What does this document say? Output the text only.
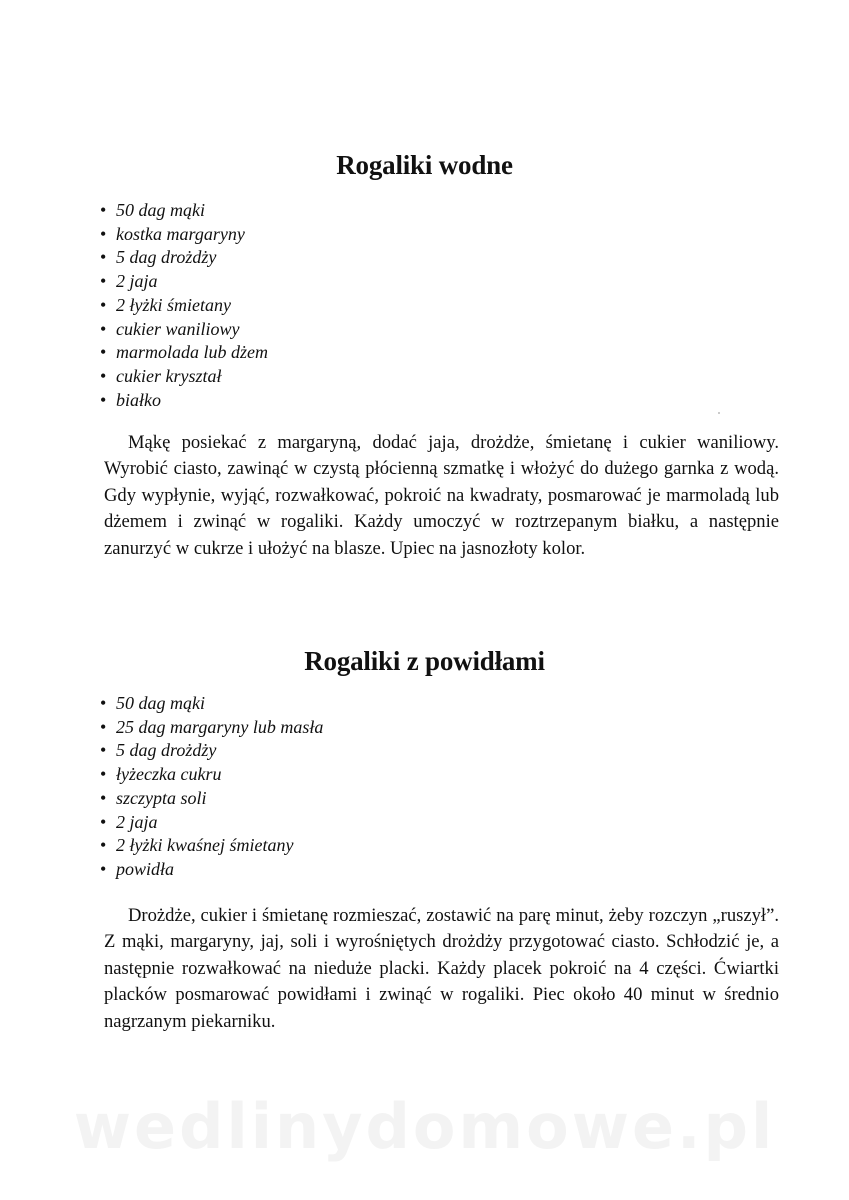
Rogaliki wodne
• 50 dag mąki
• kostka margaryny
• 5 dag drożdży
• 2 jaja
• 2 łyżki śmietany
• cukier waniliowy
• marmolada lub dżem
• cukier kryształ
• białko

Mąkę posiekać z margaryną, dodać jaja, drożdże, śmietanę i cukier waniliowy. Wyrobić ciasto, zawinąć w czystą płócienną szmatkę i włożyć do dużego garnka z wodą. Gdy wypłynie, wyjąć, rozwałkować, pokroić na kwadraty, posmarować je marmoladą lub dżemem i zwinąć w rogaliki. Każdy umoczyć w roztrzepanym białku, a następnie zanurzyć w cukrze i ułożyć na blasze. Upiec na jasnozłoty kolor.

Rogaliki z powidłami
• 50 dag mąki
• 25 dag margaryny lub masła
• 5 dag drożdży
• łyżeczka cukru
• szczypta soli
• 2 jaja
• 2 łyżki kwaśnej śmietany
• powidła

Drożdże, cukier i śmietanę rozmieszać, zostawić na parę minut, żeby rozczyn „ruszył”. Z mąki, margaryny, jaj, soli i wyrośniętych drożdży przygotować ciasto. Schłodzić je, a następnie rozwałkować na nieduże placki. Każdy placek pokroić na 4 części. Ćwiartki placków posmarować powidłami i zwinąć w rogaliki. Piec około 40 minut w średnio nagrzanym piekarniku.

wedlinydomowe.pl
